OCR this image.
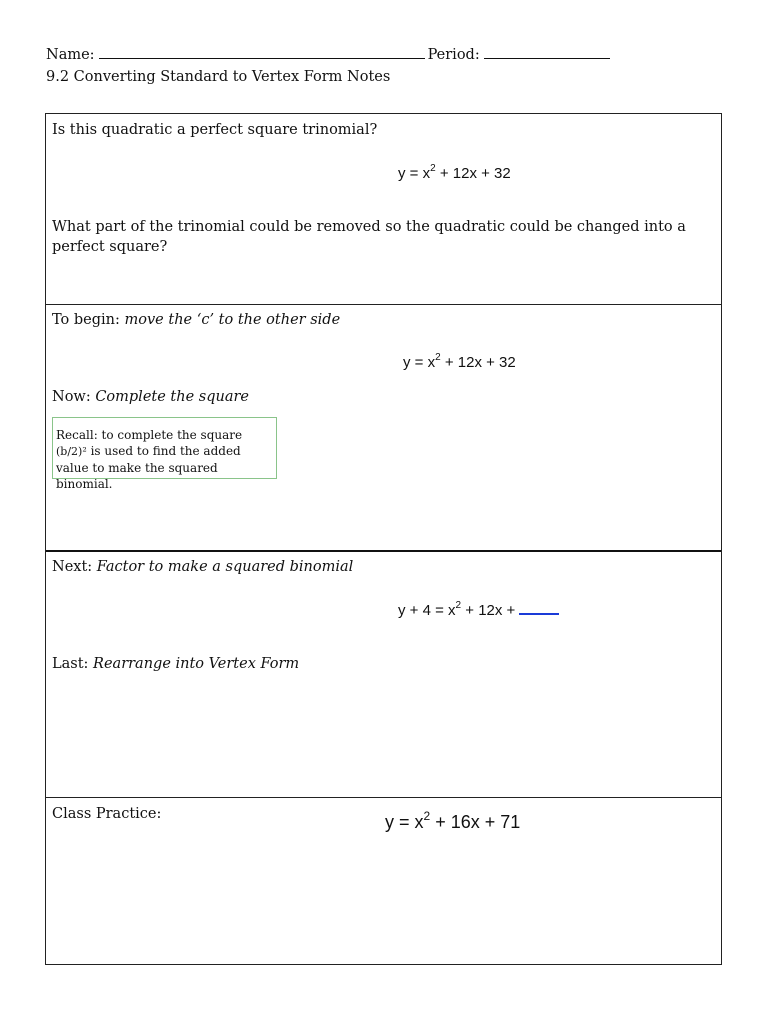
Name:	Period:
9.2 Converting Standard to Vertex Form Notes
Is this quadratic a perfect square trinomial?
$y = x^2 + 12x + 32$
What part of the trinomial could be removed so the quadratic could be changed into a perfect square?
To begin: move the ‘c’ to the other side
$y = x^2 + 12x + 32$
Now: Complete the square
Recall: to complete the square (b/2)² is used to find the added value to make the squared binomial.
Next: Factor to make a squared binomial
$y + 4 = x^2 + 12x$ +
Last: Rearrange into Vertex Form
Class Practice:	$y = x^2 + 16x + 71$
